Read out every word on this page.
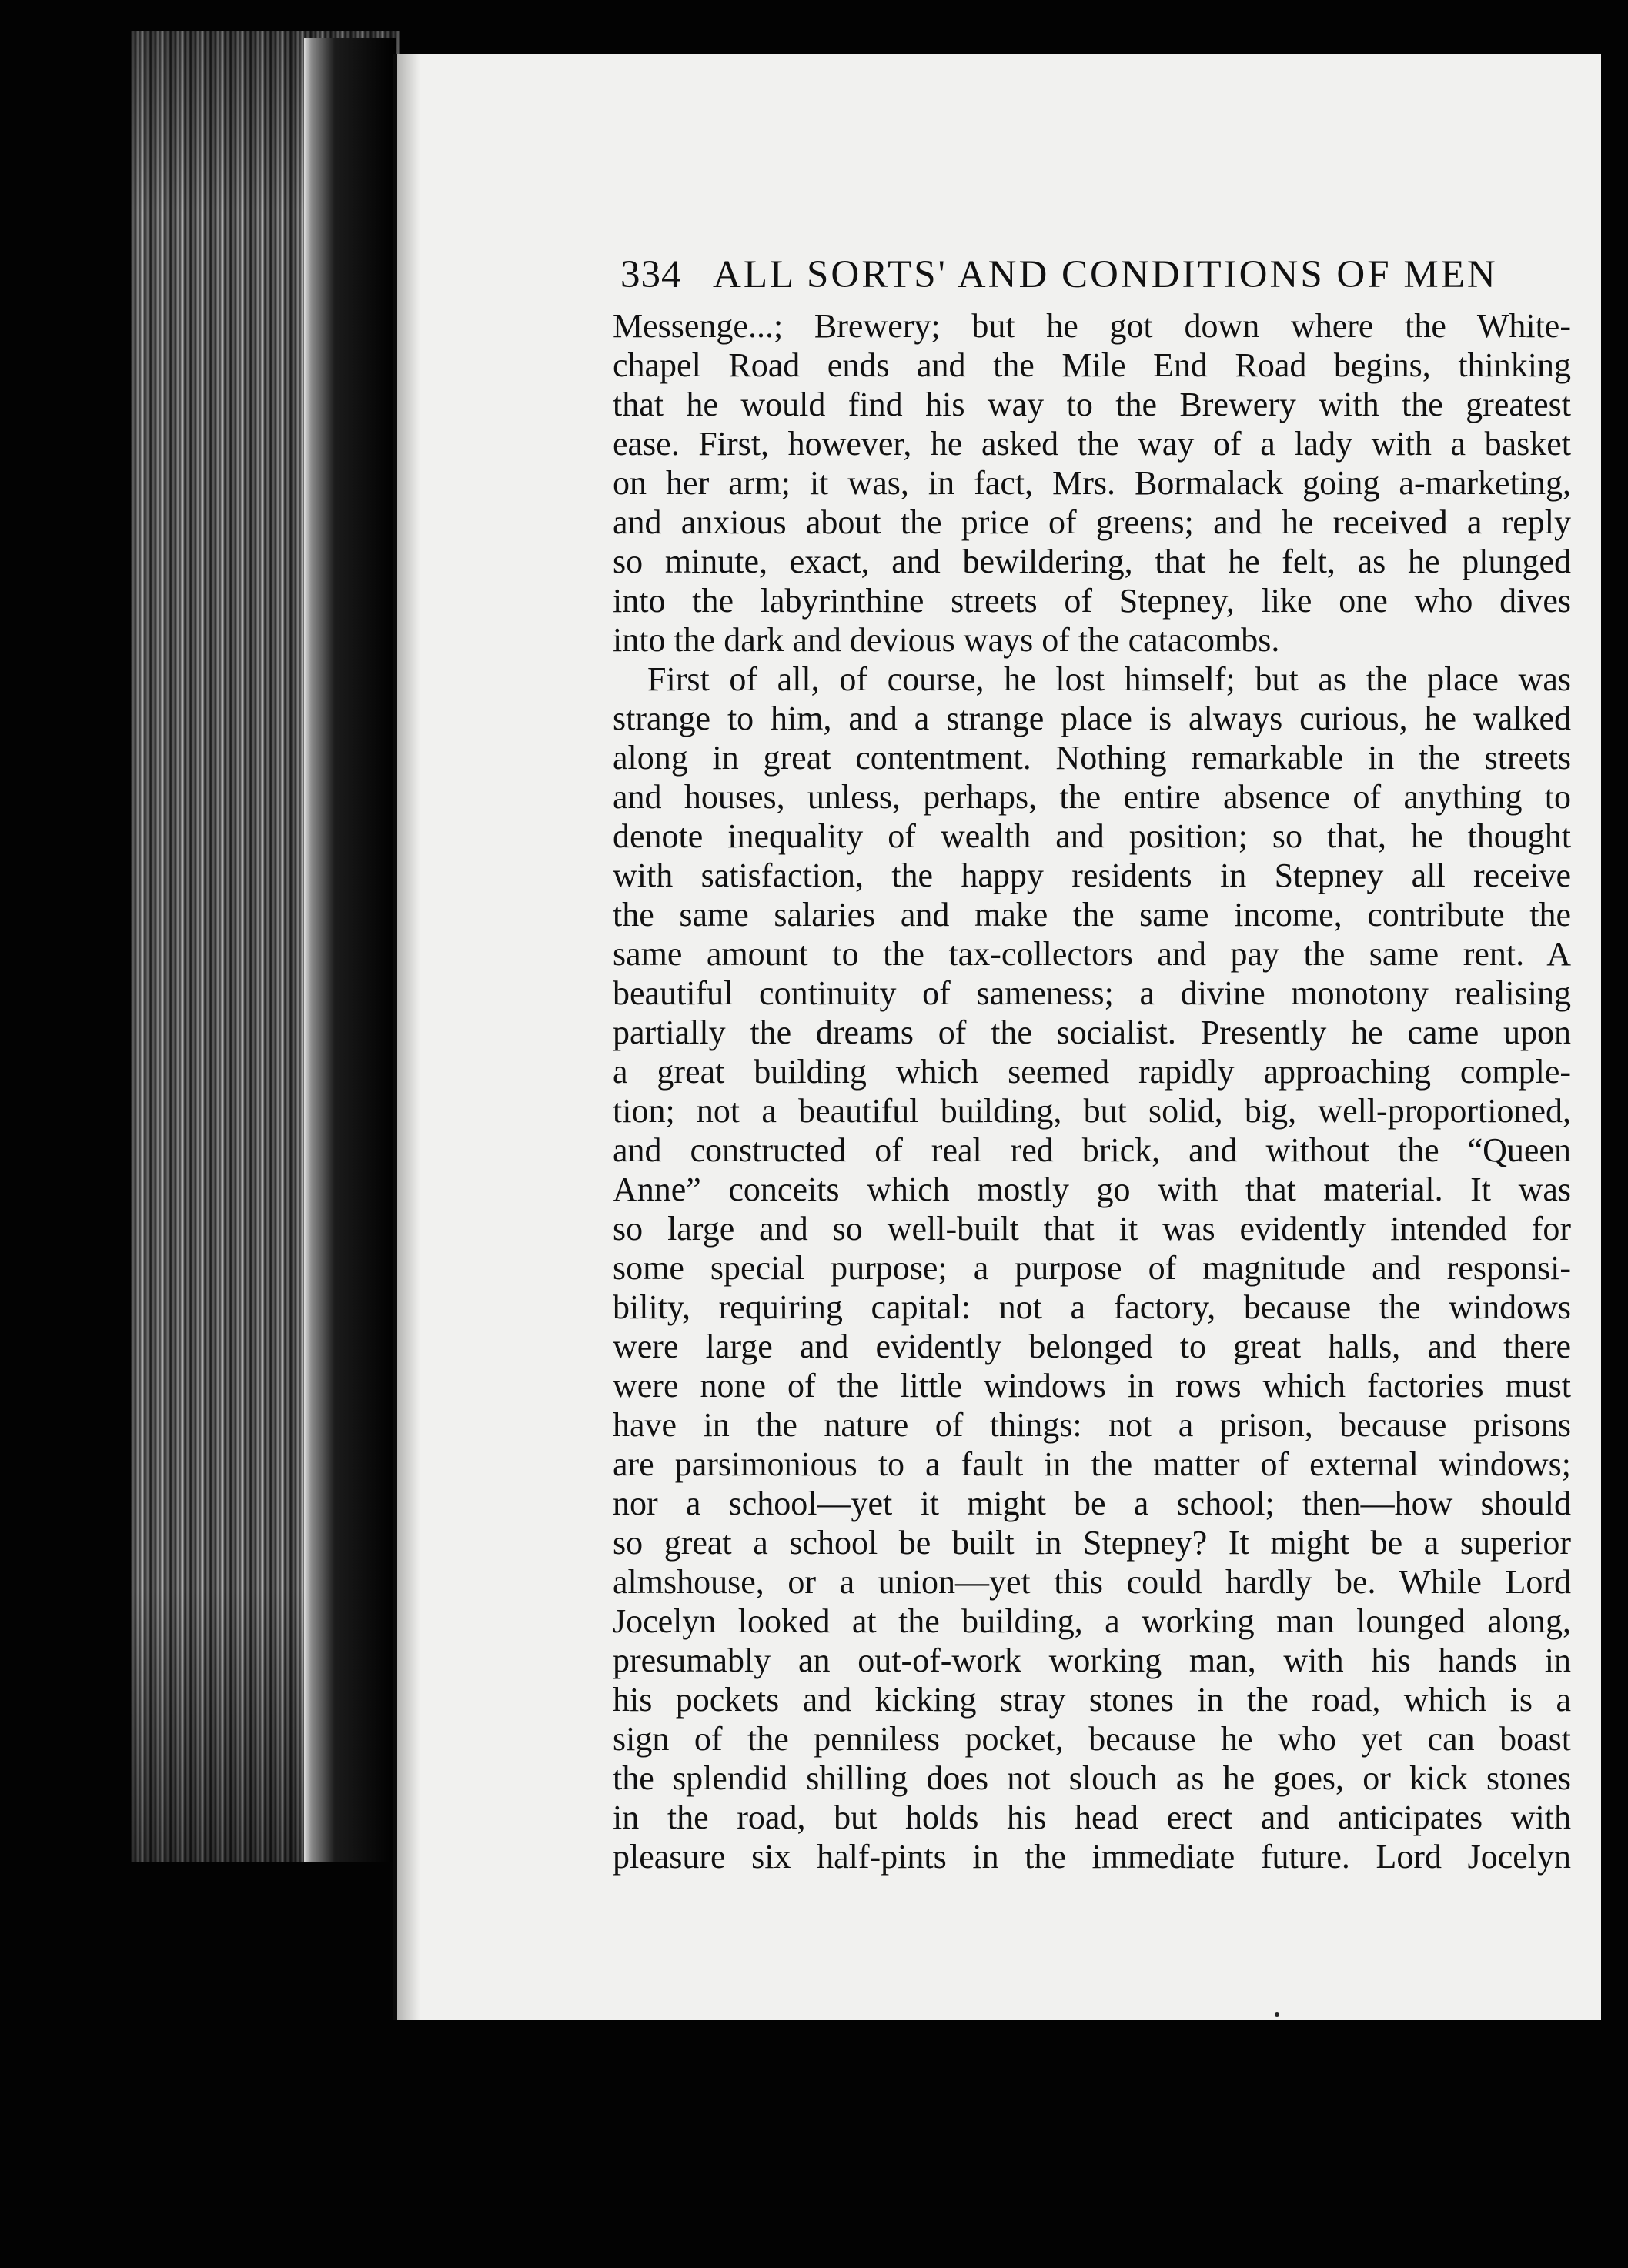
334 ALL SORTS' AND CONDITIONS OF MEN
Messenge...; Brewery; but he got down where the White-
chapel Road ends and the Mile End Road begins, thinking
that he would find his way to the Brewery with the greatest
ease. First, however, he asked the way of a lady with a basket
on her arm; it was, in fact, Mrs. Bormalack going a-marketing,
and anxious about the price of greens; and he received a reply
so minute, exact, and bewildering, that he felt, as he plunged
into the labyrinthine streets of Stepney, like one who dives
into the dark and devious ways of the catacombs.
First of all, of course, he lost himself; but as the place was
strange to him, and a strange place is always curious, he walked
along in great contentment. Nothing remarkable in the streets
and houses, unless, perhaps, the entire absence of anything to
denote inequality of wealth and position; so that, he thought
with satisfaction, the happy residents in Stepney all receive
the same salaries and make the same income, contribute the
same amount to the tax-collectors and pay the same rent. A
beautiful continuity of sameness; a divine monotony realising
partially the dreams of the socialist. Presently he came upon
a great building which seemed rapidly approaching comple-
tion; not a beautiful building, but solid, big, well-proportioned,
and constructed of real red brick, and without the “Queen
Anne” conceits which mostly go with that material. It was
so large and so well-built that it was evidently intended for
some special purpose; a purpose of magnitude and responsi-
bility, requiring capital: not a factory, because the windows
were large and evidently belonged to great halls, and there
were none of the little windows in rows which factories must
have in the nature of things: not a prison, because prisons
are parsimonious to a fault in the matter of external windows;
nor a school—yet it might be a school; then—how should
so great a school be built in Stepney? It might be a superior
almshouse, or a union—yet this could hardly be. While Lord
Jocelyn looked at the building, a working man lounged along,
presumably an out-of-work working man, with his hands in
his pockets and kicking stray stones in the road, which is a
sign of the penniless pocket, because he who yet can boast
the splendid shilling does not slouch as he goes, or kick stones
in the road, but holds his head erect and anticipates with
pleasure six half-pints in the immediate future. Lord Jocelyn
